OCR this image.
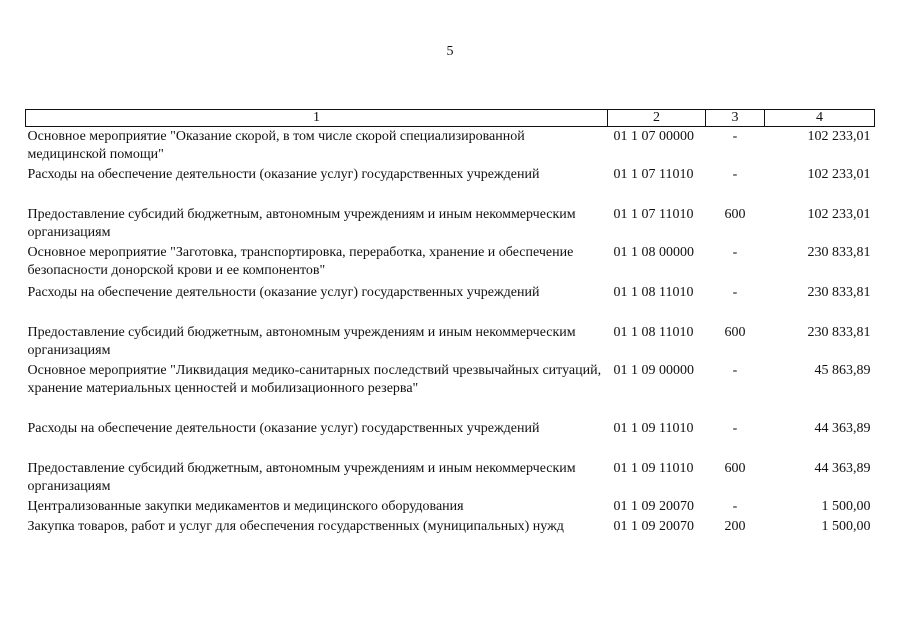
5
1	2	3	4
Основное мероприятие "Оказание скорой, в том числе скорой специализированной медицинской помощи"	01 1 07 00000	-	102 233,01
Расходы на обеспечение деятельности (оказание услуг) государственных учреждений	01 1 07 11010	-	102 233,01
Предоставление субсидий бюджетным, автономным учреждениям и иным некоммерческим организациям	01 1 07 11010	600	102 233,01
Основное мероприятие "Заготовка, транспортировка, переработка, хранение и обеспечение безопасности донорской крови и ее компонентов"	01 1 08 00000	-	230 833,81
Расходы на обеспечение деятельности (оказание услуг) государственных учреждений	01 1 08 11010	-	230 833,81
Предоставление субсидий бюджетным, автономным учреждениям и иным некоммерческим организациям	01 1 08 11010	600	230 833,81
Основное мероприятие "Ликвидация медико-санитарных последствий чрезвычайных ситуаций, хранение материальных ценностей и мобилизационного резерва"	01 1 09 00000	-	45 863,89
Расходы на обеспечение деятельности (оказание услуг) государственных учреждений	01 1 09 11010	-	44 363,89
Предоставление субсидий бюджетным, автономным учреждениям и иным некоммерческим организациям	01 1 09 11010	600	44 363,89
Централизованные закупки медикаментов и медицинского оборудования	01 1 09 20070	-	1 500,00
Закупка товаров, работ и услуг для обеспечения государственных (муниципальных) нужд	01 1 09 20070	200	1 500,00
